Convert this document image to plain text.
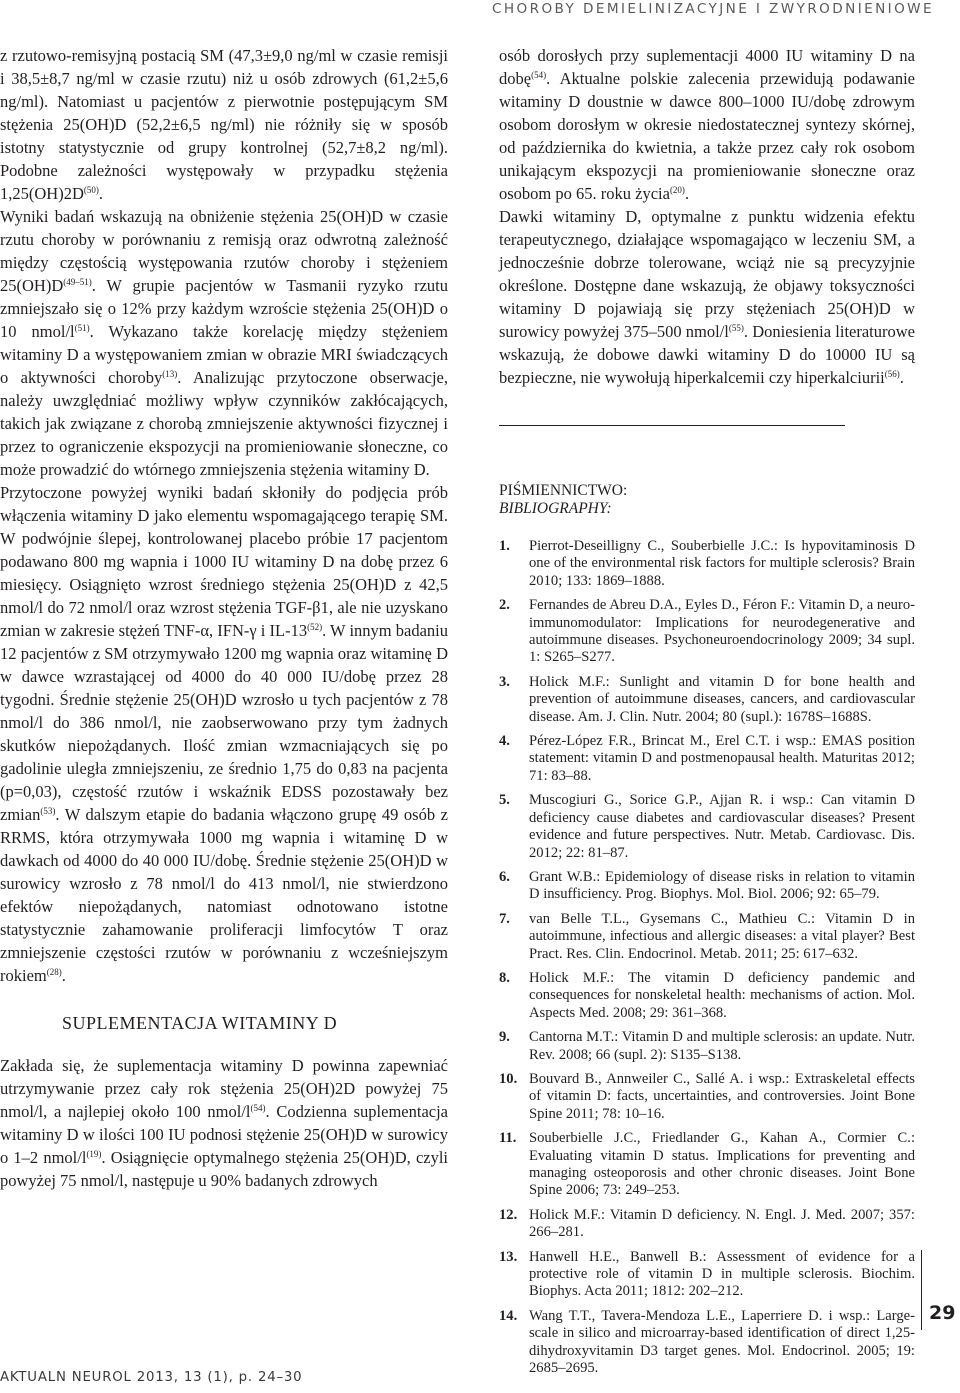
CHOROBY DEMIELINIZACYJNE I ZWYRODNIENIOWE

z rzutowo-remisyjną postacią SM (47,3±9,0 ng/ml w czasie remisji i 38,5±8,7 ng/ml w czasie rzutu) niż u osób zdrowych (61,2±5,6 ng/ml). Natomiast u pacjentów z pierwotnie postępującym SM stężenia 25(OH)D (52,2±6,5 ng/ml) nie różniły się w sposób istotny statystycznie od grupy kontrolnej (52,7±8,2 ng/ml). Podobne zależności występowały w przypadku stężenia $1,25(OH)2D^{(50)}$.

Wyniki badań wskazują na obniżenie stężenia 25(OH)D w czasie rzutu choroby w porównaniu z remisją oraz odwrotną zależność między częstością występowania rzutów choroby i stężeniem $25(OH)D^{(49-51)}$. W grupie pacjentów w Tasmanii ryzyko rzutu zmniejszało się o 12% przy każdym wzroście stężenia 25(OH)D o 10 nmol/$l^{(51)}$. Wykazano także korelację między stężeniem witaminy D a występowaniem zmian w obrazie MRI świadczących o aktywności choroby$^{(13)}$. Analizując przytoczone obserwacje, należy uwzględniać możliwy wpływ czynników zakłócających, takich jak związane z chorobą zmniejszenie aktywności fizycznej i przez to ograniczenie ekspozycji na promieniowanie słoneczne, co może prowadzić do wtórnego zmniejszenia stężenia witaminy D.

Przytoczone powyżej wyniki badań skłoniły do podjęcia prób włączenia witaminy D jako elementu wspomagającego terapię SM. W podwójnie ślepej, kontrolowanej placebo próbie 17 pacjentom podawano 800 mg wapnia i 1000 IU witaminy D na dobę przez 6 miesięcy. Osiągnięto wzrost średniego stężenia 25(OH)D z 42,5 nmol/l do 72 nmol/l oraz wzrost stężenia TGF-β1, ale nie uzyskano zmian w zakresie stężeń TNF-α, IFN-γ i IL-13$^{(52)}$. W innym badaniu 12 pacjentów z SM otrzymywało 1200 mg wapnia oraz witaminę D w dawce wzrastającej od 4000 do 40 000 IU/dobę przez 28 tygodni. Średnie stężenie 25(OH)D wzrosło u tych pacjentów z 78 nmol/l do 386 nmol/l, nie zaobserwowano przy tym żadnych skutków niepożądanych. Ilość zmian wzmacniających się po gadolinie uległa zmniejszeniu, ze średnio 1,75 do 0,83 na pacjenta (p=0,03), częstość rzutów i wskaźnik EDSS pozostawały bez zmian$^{(53)}$. W dalszym etapie do badania włączono grupę 49 osób z RRMS, która otrzymywała 1000 mg wapnia i witaminę D w dawkach od 4000 do 40 000 IU/dobę. Średnie stężenie 25(OH)D w surowicy wzrosło z 78 nmol/l do 413 nmol/l, nie stwierdzono efektów niepożądanych, natomiast odnotowano istotne statystycznie zahamowanie proliferacji limfocytów T oraz zmniejszenie częstości rzutów w porównaniu z wcześniejszym rokiem$^{(28)}$.

SUPLEMENTACJA WITAMINY D

Zakłada się, że suplementacja witaminy D powinna zapewniać utrzymywanie przez cały rok stężenia 25(OH)2D powyżej 75 nmol/l, a najlepiej około 100 nmol/$l^{(54)}$. Codzienna suplementacja witaminy D w ilości 100 IU podnosi stężenie 25(OH)D w surowicy o 1–2 nmol/$l^{(19)}$. Osiągnięcie optymalnego stężenia 25(OH)D, czyli powyżej 75 nmol/l, następuje u 90% badanych zdrowych

osób dorosłych przy suplementacji 4000 IU witaminy D na dobę$^{(54)}$. Aktualne polskie zalecenia przewidują podawanie witaminy D doustnie w dawce 800–1000 IU/dobę zdrowym osobom dorosłym w okresie niedostatecznej syntezy skórnej, od października do kwietnia, a także przez cały rok osobom unikającym ekspozycji na promieniowanie słoneczne oraz osobom po 65. roku życia$^{(20)}$.

Dawki witaminy D, optymalne z punktu widzenia efektu terapeutycznego, działające wspomagająco w leczeniu SM, a jednocześnie dobrze tolerowane, wciąż nie są precyzyjnie określone. Dostępne dane wskazują, że objawy toksyczności witaminy D pojawiają się przy stężeniach 25(OH)D w surowicy powyżej 375–500 nmol/$l^{(55)}$. Doniesienia literaturowe wskazują, że dobowe dawki witaminy D do 10000 IU są bezpieczne, nie wywołują hiperkalcemii czy hiperkalciurii$^{(56)}$.

PIŚMIENNICTWO:
BIBLIOGRAPHY:
1. Pierrot-Deseilligny C., Souberbielle J.C.: Is hypovitaminosis D one of the environmental risk factors for multiple sclerosis? Brain 2010; 133: 1869–1888.
2. Fernandes de Abreu D.A., Eyles D., Féron F.: Vitamin D, a neuro-immunomodulator: Implications for neurodegenerative and autoimmune diseases. Psychoneuroendocrinology 2009; 34 supl. 1: S265–S277.
3. Holick M.F.: Sunlight and vitamin D for bone health and prevention of autoimmune diseases, cancers, and cardiovascular disease. Am. J. Clin. Nutr. 2004; 80 (supl.): 1678S–1688S.
4. Pérez-López F.R., Brincat M., Erel C.T. i wsp.: EMAS position statement: vitamin D and postmenopausal health. Maturitas 2012; 71: 83–88.
5. Muscogiuri G., Sorice G.P., Ajjan R. i wsp.: Can vitamin D deficiency cause diabetes and cardiovascular diseases? Present evidence and future perspectives. Nutr. Metab. Cardiovasc. Dis. 2012; 22: 81–87.
6. Grant W.B.: Epidemiology of disease risks in relation to vitamin D insufficiency. Prog. Biophys. Mol. Biol. 2006; 92: 65–79.
7. van Belle T.L., Gysemans C., Mathieu C.: Vitamin D in autoimmune, infectious and allergic diseases: a vital player? Best Pract. Res. Clin. Endocrinol. Metab. 2011; 25: 617–632.
8. Holick M.F.: The vitamin D deficiency pandemic and consequences for nonskeletal health: mechanisms of action. Mol. Aspects Med. 2008; 29: 361–368.
9. Cantorna M.T.: Vitamin D and multiple sclerosis: an update. Nutr. Rev. 2008; 66 (supl. 2): S135–S138.
10. Bouvard B., Annweiler C., Sallé A. i wsp.: Extraskeletal effects of vitamin D: facts, uncertainties, and controversies. Joint Bone Spine 2011; 78: 10–16.
11. Souberbielle J.C., Friedlander G., Kahan A., Cormier C.: Evaluating vitamin D status. Implications for preventing and managing osteoporosis and other chronic diseases. Joint Bone Spine 2006; 73: 249–253.
12. Holick M.F.: Vitamin D deficiency. N. Engl. J. Med. 2007; 357: 266–281.
13. Hanwell H.E., Banwell B.: Assessment of evidence for a protective role of vitamin D in multiple sclerosis. Biochim. Biophys. Acta 2011; 1812: 202–212.
14. Wang T.T., Tavera-Mendoza L.E., Laperriere D. i wsp.: Large-scale in silico and microarray-based identification of direct 1,25-dihydroxyvitamin D3 target genes. Mol. Endocrinol. 2005; 19: 2685–2695.
29
AKTUALN NEUROL 2013, 13 (1), p. 24–30
